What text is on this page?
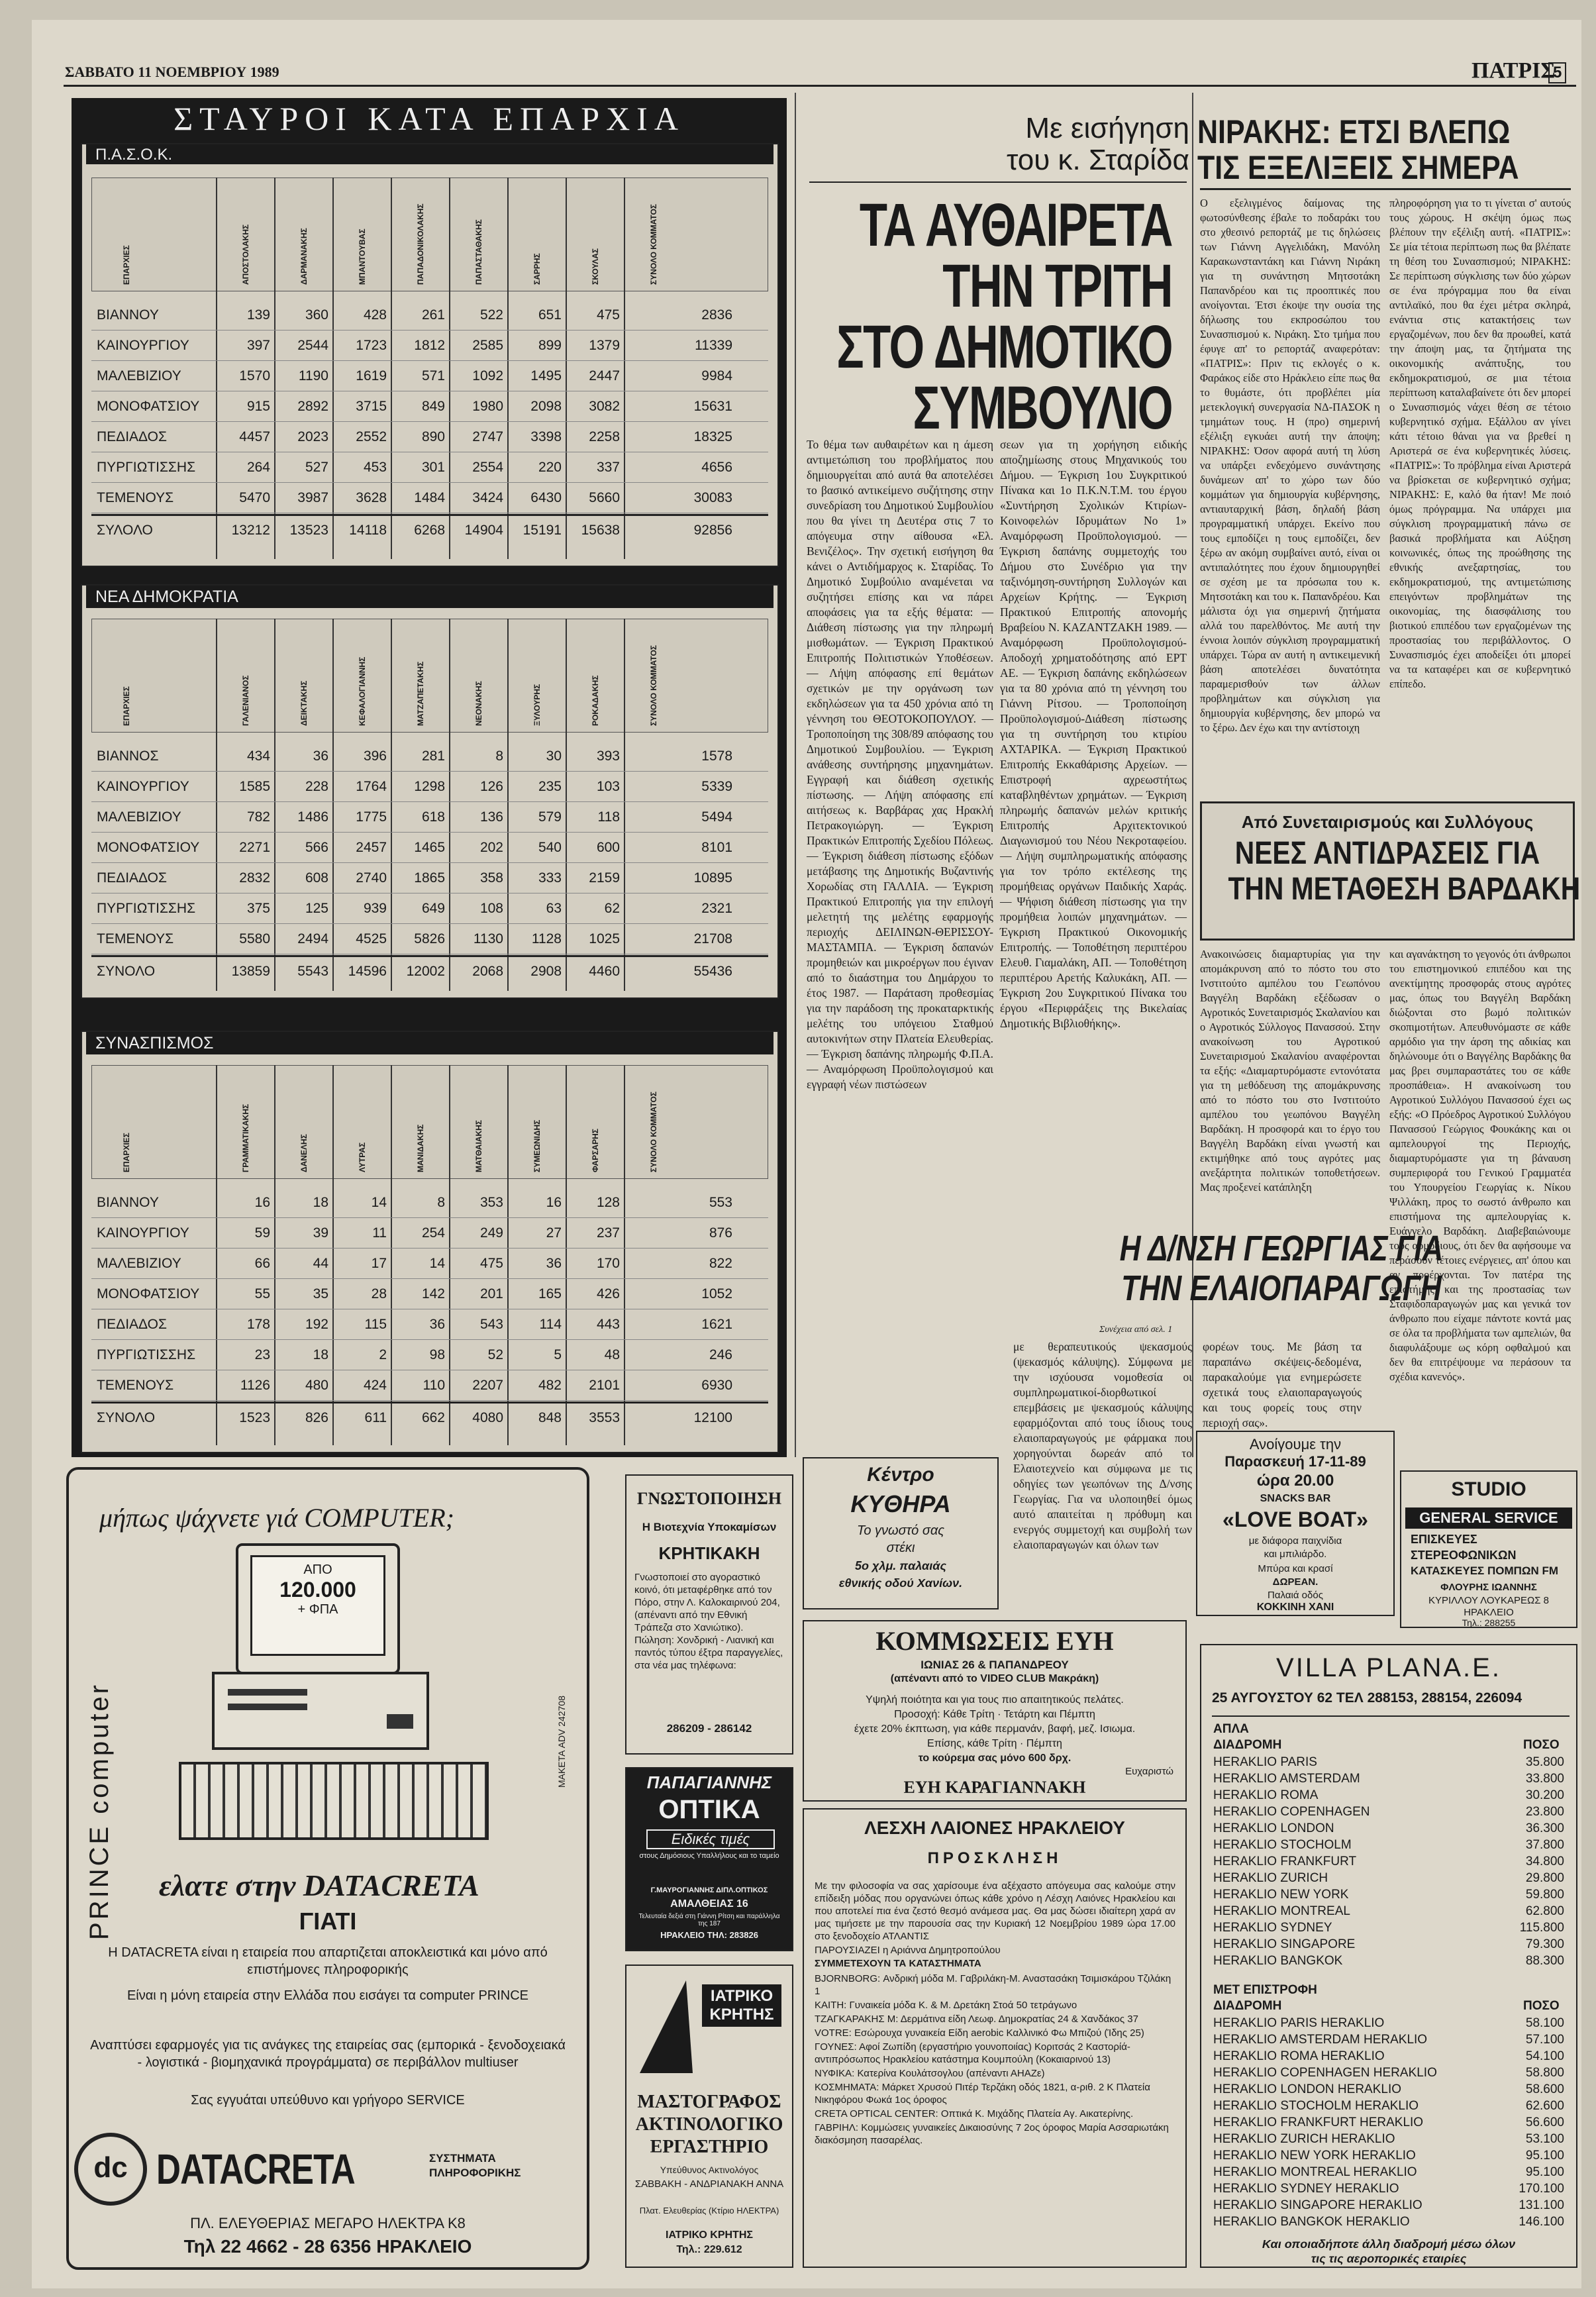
ΣΑΒΒΑΤΟ 11 ΝΟΕΜΒΡΙΟΥ 1989	ΠΑΤΡΙΣ
5
ΣΤΑΥΡΟΙ ΚΑΤΑ ΕΠΑΡΧΙΑ
Π.Α.Σ.Ο.Κ.
ΕΠΑΡΧΙΕΣ	ΑΠΟΣΤΟΛΑΚΗΣ	ΔΑΡΜΑΝΑΚΗΣ	ΜΠΑΝΤΟΥΒΑΣ	ΠΑΠΑΔΟΝΙΚΟΛΑΚΗΣ	ΠΑΠΑΣΤΑΘΑΚΗΣ	ΣΑΡΡΗΣ	ΣΚΟΥΛΑΣ	ΣΥΝΟΛΟ ΚΟΜΜΑΤΟΣ
ΒΙΑΝΝΟΥ	139	360	428	261	522	651	475	2836
ΚΑΙΝΟΥΡΓΙΟΥ	397	2544	1723	1812	2585	899	1379	11339
ΜΑΛΕΒΙΖΙΟΥ	1570	1190	1619	571	1092	1495	2447	9984
ΜΟΝΟΦΑΤΣΙΟΥ	915	2892	3715	849	1980	2098	3082	15631
ΠΕΔΙΑΔΟΣ	4457	2023	2552	890	2747	3398	2258	18325
ΠΥΡΓΙΩΤΙΣΣΗΣ	264	527	453	301	2554	220	337	4656
ΤΕΜΕΝΟΥΣ	5470	3987	3628	1484	3424	6430	5660	30083
ΣΥΛΟΛΟ	13212	13523	14118	6268	14904	15191	15638	92856
ΝΕΑ ΔΗΜΟΚΡΑΤΙΑ
ΕΠΑΡΧΙΕΣ	ΓΑΛΕΝΙΑΝΟΣ	ΔΕΙΚΤΑΚΗΣ	ΚΕΦΑΛΟΓΙΑΝΝΗΣ	ΜΑΤΖΑΠΕΤΑΚΗΣ	ΝΕΟΝΑΚΗΣ	ΞΥΛΟΥΡΗΣ	ΡΟΚΑΔΑΚΗΣ	ΣΥΝΟΛΟ ΚΟΜΜΑΤΟΣ
ΒΙΑΝΝΟΣ	434	36	396	281	8	30	393	1578
ΚΑΙΝΟΥΡΓΙΟΥ	1585	228	1764	1298	126	235	103	5339
ΜΑΛΕΒΙΖΙΟΥ	782	1486	1775	618	136	579	118	5494
ΜΟΝΟΦΑΤΣΙΟΥ	2271	566	2457	1465	202	540	600	8101
ΠΕΔΙΑΔΟΣ	2832	608	2740	1865	358	333	2159	10895
ΠΥΡΓΙΩΤΙΣΣΗΣ	375	125	939	649	108	63	62	2321
ΤΕΜΕΝΟΥΣ	5580	2494	4525	5826	1130	1128	1025	21708
ΣΥΝΟΛΟ	13859	5543	14596	12002	2068	2908	4460	55436
ΣΥΝΑΣΠΙΣΜΟΣ
ΕΠΑΡΧΙΕΣ	ΓΡΑΜΜΑΤΙΚΑΚΗΣ	ΔΑΝΕΛΗΣ	ΛΥΤΡΑΣ	ΜΑΝΙΔΑΚΗΣ	ΜΑΤΘΑΙΑΚΗΣ	ΣΥΜΕΩΝΙΔΗΣ	ΦΑΡΣΑΡΗΣ	ΣΥΝΟΛΟ ΚΟΜΜΑΤΟΣ
ΒΙΑΝΝΟΥ	16	18	14	8	353	16	128	553
ΚΑΙΝΟΥΡΓΙΟΥ	59	39	11	254	249	27	237	876
ΜΑΛΕΒΙΖΙΟΥ	66	44	17	14	475	36	170	822
ΜΟΝΟΦΑΤΣΙΟΥ	55	35	28	142	201	165	426	1052
ΠΕΔΙΑΔΟΣ	178	192	115	36	543	114	443	1621
ΠΥΡΓΙΩΤΙΣΣΗΣ	23	18	2	98	52	5	48	246
ΤΕΜΕΝΟΥΣ	1126	480	424	110	2207	482	2101	6930
ΣΥΝΟΛΟ	1523	826	611	662	4080	848	3553	12100
Με εισήγηση
του κ. Σταρίδα
ΤΑ ΑΥΘΑΙΡΕΤΑ
ΤΗΝ ΤΡΙΤΗ
ΣΤΟ ΔΗΜΟΤΙΚΟ
ΣΥΜΒΟΥΛΙΟ
Το θέμα των αυθαιρέτων και η άμεση αντιμετώπιση του προβλήματος που δημιουργείται από αυτά θα αποτελέσει το βασικό αντικείμενο συζήτησης στην συνεδρίαση του Δημοτικού Συμβουλίου που θα γίνει τη Δευτέρα στις 7 το απόγευμα στην αίθουσα «Ελ. Βενιζέλος». Την σχετική εισήγηση θα κάνει ο Αντιδήμαρχος κ. Σταρίδας. Το Δημοτικό Συμβούλιο αναμένεται να συζητήσει επίσης και να πάρει αποφάσεις για τα εξής θέματα: — Διάθεση πίστωσης για την πληρωμή μισθωμάτων. — Έγκριση Πρακτικού Επιτροπής Πολιτιστικών Υποθέσεων. — Λήψη απόφασης επί θεμάτων σχετικών με την οργάνωση των εκδηλώσεων για τα 450 χρόνια από τη γέννηση του ΘΕΟΤΟΚΟΠΟΥΛΟΥ. — Τροποποίηση της 308/89 απόφασης του Δημοτικού Συμβουλίου. — Έγκριση ανάθεσης συντήρησης μηχανημάτων. Εγγραφή και διάθεση σχετικής πίστωσης. — Λήψη απόφασης επί αιτήσεως κ. Βαρβάρας χας Ηρακλή Πετρακογιώργη. — Έγκριση Πρακτικών Επιτροπής Σχεδίου Πόλεως. — Έγκριση διάθεση πίστωσης εξόδων μετάβασης της Δημοτικής Βυζαντινής Χορωδίας στη ΓΑΛΛΙΑ. — Έγκριση Πρακτικού Επιτροπής για την επιλογή μελετητή της μελέτης εφαρμογής περιοχής ΔΕΙΛΙΝΩΝ-ΘΕΡΙΣΣΟΥ-ΜΑΣΤΑΜΠΑ. — Έγκριση δαπανών προμηθειών και μικροέργων που έγιναν από το διαάστημα του Δημάρχου το έτος 1987. — Παράταση προθεσμίας για την παράδοση της προκαταρκτικής μελέτης του υπόγειου Σταθμού αυτοκινήτων στην Πλατεία Ελευθερίας. — Έγκριση δαπάνης πληρωμής Φ.Π.Α. — Αναμόρφωση Προϋπολογισμού και εγγραφή νέων πιστώσεων
σεων για τη χορήγηση ειδικής αποζημίωσης στους Μηχανικούς του Δήμου. — Έγκριση 1ου Συγκριτικού Πίνακα και 1ο Π.Κ.Ν.Τ.Μ. του έργου «Συντήρηση Σχολικών Κτιρίων-Κοινοφελών Ιδρυμάτων Νο 1» Αναμόρφωση Προϋπολογισμού. — Έγκριση δαπάνης συμμετοχής του Δήμου στο Συνέδριο για την ταξινόμηση-συντήρηση Συλλογών και Αρχείων Κρήτης. — Έγκριση Πρακτικού Επιτροπής απονομής Βραβείου Ν. ΚΑΖΑΝΤΖΑΚΗ 1989. — Αναμόρφωση Προϋπολογισμού-Αποδοχή χρηματοδότησης από ΕΡΤ ΑΕ. — Έγκριση δαπάνης εκδηλώσεων για τα 80 χρόνια από τη γέννηση του Γιάννη Ρίτσου. — Τροποποίηση Προϋπολογισμού-Διάθεση πίστωσης για τη συντήρηση του κτιρίου ΑΧΤΑΡΙΚΑ. — Έγκριση Πρακτικού Επιτροπής Εκκαθάρισης Αρχείων. — Επιστροφή αχρεωστήτως καταβληθέντων χρημάτων. — Έγκριση πληρωμής δαπανών μελών κριτικής Επιτροπής Αρχιτεκτονικού Διαγωνισμού του Νέου Νεκροταφείου. — Λήψη συμπληρωματικής απόφασης για τον τρόπο εκτέλεσης της προμήθειας οργάνων Παιδικής Χαράς. — Ψήφιση διάθεση πίστωσης για την προμήθεια λοιπών μηχανημάτων. — Έγκριση Πρακτικού Οικονομικής Επιτροπής. — Τοποθέτηση περιπτέρου Ελευθ. Γιαμαλάκη, ΑΠ. — Τοποθέτηση περιπτέρου Αρετής Καλυκάκη, ΑΠ. — Έγκριση 2ου Συγκριτικού Πίνακα του έργου «Περιφράξεις της Βικελαίας Δημοτικής Βιβλιοθήκης».
Η Δ/ΝΣΗ ΓΕΩΡΓΙΑΣ ΓΙΑ
ΤΗΝ ΕΛΑΙΟΠΑΡΑΓΩΓΗ
Συνέχεια από σελ. 1
με θεραπευτικούς ψεκασμούς (ψεκασμός κάλυψης). Σύμφωνα με την ισχύουσα νομοθεσία οι συμπληρωματικοί-διορθωτικοί επεμβάσεις με ψεκασμούς κάλυψης εφαρμόζονται από τους ίδιους τους ελαιοπαραγωγούς με φάρμακα που χορηγούνται δωρεάν από το Ελαιοτεχνείο και σύμφωνα με τις οδηγίες των γεωπόνων της Δ/νσης Γεωργίας. Για να υλοποιηθεί όμως αυτό απαιτείται η πρόθυμη και ενεργός συμμετοχή και συμβολή των ελαιοπαραγωγών και όλων των
φορέων τους. Με βάση τα παραπάνω σκέψεις-δεδομένα, παρακαλούμε για ενημερώσετε σχετικά τους ελαιοπαραγωγούς και τους φορείς τους στην περιοχή σας».
ΝΙΡΑΚΗΣ: ΕΤΣΙ ΒΛΕΠΩ
ΤΙΣ ΕΞΕΛΙΞΕΙΣ ΣΗΜΕΡΑ
Ο εξελιγμένος δαίμονας της φωτοσύνθεσης έβαλε το ποδαράκι του στο χθεσινό ρεπορτάζ με τις δηλώσεις των Γιάννη Αγγελιδάκη, Μανόλη Καρακωνσταντάκη και Γιάννη Νιράκη για τη συνάντηση Μητσοτάκη Παπανδρέου και τις προοπτικές που ανοίγονται. Έτσι έκοψε την ουσία της δήλωσης του εκπροσώπου του Συνασπισμού κ. Νιράκη. Στο τμήμα που έφυγε απ' το ρεπορτάζ αναφερόταν: «ΠΑΤΡΙΣ»: Πριν τις εκλογές ο κ. Φαράκος είδε στο Ηράκλειο είπε πως θα το θυμάστε, ότι προβλέπει μία μετεκλογική συνεργασία ΝΔ-ΠΑΣΟΚ η τμημάτων τους. Η (προ) σημερινή εξέλιξη εγκυάει αυτή την άποψη; ΝΙΡΑΚΗΣ: Όσον αφορά αυτή τη λύση να υπάρξει ενδεχόμενο συνάντησης δυνάμεων απ' το χώρο των δύο κομμάτων για δημιουργία κυβέρνησης, αντιαυταρχική βάση, δηλαδή βάση προγραμματική υπάρχει. Εκείνο που τους εμποδίζει η τους εμποδίζει, δεν ξέρω αν ακόμη συμβαίνει αυτό, είναι οι αντιπαλότητες που έχουν δημιουργηθεί σε σχέση με τα πρόσωπα του κ. Μητσοτάκη και του κ. Παπανδρέου. Και μάλιστα όχι για σημερινή ζητήματα αλλά του παρελθόντος. Με αυτή την έννοια λοιπόν σύγκλιση προγραμματική υπάρχει. Τώρα αν αυτή η αντικειμενική βάση αποτελέσει δυνατότητα παραμερισθούν των άλλων προβλημάτων και σύγκλιση για δημιουργία κυβέρνησης, δεν μπορώ να το ξέρω. Δεν έχω και την αντίστοιχη
πληροφόρηση για το τι γίνεται σ' αυτούς τους χώρους. Η σκέψη όμως πως βλέπουν την εξέλιξη αυτή. «ΠΑΤΡΙΣ»: Σε μία τέτοια περίπτωση πως θα βλέπατε τη θέση του Συνασπισμού; ΝΙΡΑΚΗΣ: Σε περίπτωση σύγκλισης των δύο χώρων σε ένα πρόγραμμα που θα είναι αντιλαϊκό, που θα έχει μέτρα σκληρά, ενάντια στις κατακτήσεις των εργαζομένων, που δεν θα προωθεί, κατά την άποψη μας, τα ζητήματα της οικονομικής ανάπτυξης, του εκδημοκρατισμού, σε μια τέτοια περίπτωση καταλαβαίνετε ότι δεν μπορεί ο Συνασπισμός νάχει θέση σε τέτοιο κυβερνητικό σχήμα. Εξάλλου αν γίνει κάτι τέτοιο θάναι για να βρεθεί η Αριστερά σε ένα κυβερνητικές λύσεις. «ΠΑΤΡΙΣ»: Το πρόβλημα είναι Αριστερά να βρίσκεται σε κυβερνητικό σχήμα; ΝΙΡΑΚΗΣ: Ε, καλό θα ήταν! Με ποιό όμως πρόγραμμα. Να υπάρχει μια σύγκλιση προγραμματική πάνω σε βασικά προβλήματα και Αύξηση κοινωνικές, όπως της προώθησης της εθνικής ανεξαρτησίας, του εκδημοκρατισμού, της αντιμετώπισης επειγόντων προβλημάτων της οικονομίας, της διασφάλισης του βιοτικού επιπέδου των εργαζομένων της προστασίας του περιβάλλοντος. Ο Συνασπισμός έχει αποδείξει ότι μπορεί να τα καταφέρει και σε κυβερνητικό επίπεδο.
Από Συνεταιρισμούς και Συλλόγους
ΝΕΕΣ ΑΝΤΙΔΡΑΣΕΙΣ ΓΙΑ
ΤΗΝ ΜΕΤΑΘΕΣΗ ΒΑΡΔΑΚΗ
Ανακοινώσεις διαμαρτυρίας για την απομάκρυνση από το πόστο του στο Ινστιτούτο αμπέλου του Γεωπόνου Βαγγέλη Βαρδάκη εξέδωσαν ο Αγροτικός Συνεταιρισμός Σκαλανίου και ο Αγροτικός Σύλλογος Πανασσού. Στην ανακοίνωση του Αγροτικού Συνεταιρισμού Σκαλανίου αναφέρονται τα εξής: «Διαμαρτυρόμαστε εντονότατα για τη μεθόδευση της απομάκρυνσης από το πόστο του στο Ινστιτούτο αμπέλου του γεωπόνου Βαγγέλη Βαρδάκη. Η προσφορά και το έργο του Βαγγέλη Βαρδάκη είναι γνωστή και εκτιμήθηκε από τους αγρότες μας ανεξάρτητα πολιτικών τοποθετήσεων. Μας προξενεί κατάπληξη
και αγανάκτηση το γεγονός ότι άνθρωποι του επιστημονικού επιπέδου και της ανεκτίμητης προσφοράς στους αγρότες μας, όπως του Βαγγέλη Βαρδάκη διώξονται στο βωμό πολιτικών σκοπιμοτήτων. Απευθυνόμαστε σε κάθε αρμόδιο για την άρση της αδικίας και δηλώνουμε ότι ο Βαγγέλης Βαρδάκης θα μας βρει συμπαραστάτες του σε κάθε προσπάθεια». Η ανακοίνωση του Αγροτικού Συλλόγου Πανασσού έχει ως εξής: «Ο Πρόεδρος Αγροτικού Συλλόγου Πανασσού Γεώργιος Φουκάκης και οι αμπελουργοί της Περιοχής, διαμαρτυρόμαστε για τη βάναυση συμπεριφορά του Γενικού Γραμματέα του Υπουργείου Γεωργίας κ. Νίκου Ψιλλάκη, προς το σωστό άνθρωπο και επιστήμονα της αμπελουργίας κ. Ευάγγελο Βαρδάκη. Διαβεβαιώνουμε τους αρμόδιους, ότι δεν θα αφήσουμε να περάσουν τέτοιες ενέργειες, απ' όπου και αν προέρχονται. Τον πατέρα της επιστήμης και της προστασίας των Σταφιδοπαραγωγών μας και γενικά τον άνθρωπο που είχαμε πάντοτε κοντά μας σε όλα τα προβλήματα των αμπελιών, θα διαφυλάξουμε ως κόρη οφθαλμού και δεν θα επιτρέψουμε να περάσουν τα σχέδια κανενός».
μήπως ψάχνετε γιά COMPUTER;
ΑΠΟ
120.000
+ ΦΠΑ
PRINCE computer	ΜΑΚΕΤΑ ADV 242708
ελατε στην DATACRETA
ΓΙΑΤΙ
Η DATACRETA είναι η εταιρεία που απαρτιζεται αποκλειστικά και μόνο από επιστήμονες πληροφορικής
Είναι η μόνη εταιρεία στην Ελλάδα που εισάγει τα computer PRINCE
Αναπτύσει εφαρμογές για τις ανάγκες της εταιρείας σας (εμπορικά - ξενοδοχειακά - λογιστικά - βιομηχανικά προγράμματα) σε περιβάλλον multiuser
Σας εγγυάται υπεύθυνο και γρήγορο SERVICE
dc DATACRETA	ΣΥΣΤΗΜΑΤΑ ΠΛΗΡΟΦΟΡΙΚΗΣ
ΠΛ. ΕΛΕΥΘΕΡΙΑΣ ΜΕΓΑΡΟ ΗΛΕΚΤΡΑ Κ8
Τηλ 22 4662 - 28 6356 ΗΡΑΚΛΕΙΟ
ΓΝΩΣΤΟΠΟΙΗΣΗ
Η Βιοτεχνία Υποκαμίσων
ΚΡΗΤΙΚΑΚΗ
Γνωστοποιεί στο αγοραστικό κοινό, ότι μεταφέρθηκε από τον Πόρο, στην Λ. Καλοκαιρινού 204, (απέναντι από την Εθνική Τράπεζα στο Χανιώτικο). Πώληση: Χονδρική - Λιανική και παντός τύπου έξτρα παραγγελίες, στα νέα μας τηλέφωνα:
286209 - 286142
ΠΑΠΑΓΙΑΝΝΗΣ
ΟΠΤΙΚΑ
Ειδικές τιμές
στους Δημόσιους Υπαλλήλους και το ταμείο
Γ.ΜΑΥΡΟΓΙΑΝΝΗΣ ΔΙΠΛ.ΟΠΤΙΚΟΣ
ΑΜΑΛΘΕΙΑΣ 16
Τελευταία δεξιά στη Γιάννη Ρίτση και παράλληλα της 187
ΗΡΑΚΛΕΙΟ ΤΗΛ: 283826
ΙΑΤΡΙΚΟ ΚΡΗΤΗΣ
ΜΑΣΤΟΓΡΑΦΟΣ
ΑΚΤΙΝΟΛΟΓΙΚΟ
ΕΡΓΑΣΤΗΡΙΟ
Υπεύθυνος Ακτινολόγος
ΣΑΒΒΑΚΗ - ΑΝΔΡΙΑΝΑΚΗ ΑΝΝΑ
Πλατ. Ελευθερίας (Κτίριο ΗΛΕΚΤΡΑ)
ΙΑΤΡΙΚΟ ΚΡΗΤΗΣ
Τηλ.: 229.612
Κέντρο
ΚΥΘΗΡΑ
Το γνωστό σας
στέκι
5ο χλμ. παλαιάς
εθνικής οδού Χανίων.
Ανοίγουμε την
Παρασκευή 17-11-89
ώρα 20.00
SNACKS BAR
«LOVE BOAT»
με διάφορα παιχνίδια
και μπιλιάρδο.
Μπύρα και κρασί
ΔΩΡΕΑΝ.
Παλαιά οδός
ΚΟΚΚΙΝΗ ΧΑΝΙ
STUDIO
GENERAL SERVICE
ΕΠΙΣΚΕΥΕΣ
ΣΤΕΡΕΟΦΩΝΙΚΩΝ
ΚΑΤΑΣΚΕΥΕΣ ΠΟΜΠΩΝ FM
ΦΛΟΥΡΗΣ ΙΩΑΝΝΗΣ
ΚΥΡΙΛΛΟΥ ΛΟΥΚΑΡΕΩΣ 8
ΗΡΑΚΛΕΙΟ
Τηλ.: 288255
ΚΟΜΜΩΣΕΙΣ ΕΥΗ
ΙΩΝΙΑΣ 26 & ΠΑΠΑΝΔΡΕΟΥ
(απέναντι από το VIDEO CLUB Μακράκη)
Υψηλή ποιότητα και για τους πιο απαιτητικούς πελάτες.
Προσοχή: Κάθε Τρίτη · Τετάρτη και Πέμπτη
έχετε 20% έκπτωση, για κάθε περμανάν, βαφή, μεζ. Ισιωμα.
Επίσης, κάθε Τρίτη · Πέμπτη
το κούρεμα σας μόνο 600 δρχ.
Ευχαριστώ
ΕΥΗ ΚΑΡΑΓΙΑΝΝΑΚΗ
ΛΕΣΧΗ ΛΑΙΟΝΕΣ ΗΡΑΚΛΕΙΟΥ
ΠΡΟΣΚΛΗΣΗ
Με την φιλοσοφία να σας χαρίσουμε ένα αξέχαστο απόγευμα σας καλούμε στην επίδειξη μόδας που οργανώνει όπως κάθε χρόνο η Λέσχη Λαιόνες Ηρακλείου και που αποτελεί πια ένα ζεστό θεσμό ανάμεσα μας. Θα μας δώσει ιδιαίτερη χαρά αν μας τιμήσετε με την παρουσία σας την Κυριακή 12 Νοεμβρίου 1989 ώρα 17.00 στο ξενοδοχείο ΑΤΛΑΝΤΙΣ
ΠΑΡΟΥΣΙΑΖΕΙ η Αριάννα Δημητροπούλου
ΣΥΜΜΕΤΕΧΟΥΝ ΤΑ ΚΑΤΑΣΤΗΜΑΤΑ
BJORNBORG: Ανδρική μόδα Μ. Γαβριλάκη-Μ. Αναστασάκη Τσιμισκάρου Τζιλάκη 1
ΚΑΙΤΗ: Γυναικεία μόδα Κ. & Μ. Δρετάκη Στοά 50 τετράγωνο
ΤΖΑΓΚΑΡΑΚΗΣ Μ: Δερμάτινα είδη Λεωφ. Δημοκρατίας 24 & Χανδάκος 37
VOTRE: Εσώρουχα γυναικεία Είδη aerobic Καλλινικό Φω Μπιζού (Ίδης 25)
ΓΟΥΝΕΣ: Αφοί Ζωπίδη (εργαστήριο γουνοποιίας) Κοριτσάς 2 Καστορίά-αντιπρόσωπος Ηρακλείου κατάστημα Κουμπούλη (Κοκαιαρινού 13)
ΝΥΦΙΚΑ: Κατερίνα Κουλάτσογλου (απέναντι ΑΗΑΖε)
ΚΟΣΜΗΜΑΤΑ: Μάρκετ Χρυσού Πιτέρ Τερζάκη οδός 1821, α-ριθ. 2 Κ Πλατεία Νικηφόρου Φωκά 1ος όροφος
CRETA OPTICAL CENTER: Οπτικά Κ. Μιχάδης Πλατεία Αγ. Αικατερίνης.
ΓΑΒΡΙΗΛ: Κομμώσεις γυναικείες Δικαιοσύνης 7 2ος όροφος Μαρία Ασσαριωτάκη διακόσμηση πασαρέλας.
VILLA PLANA.E.
25 ΑΥΓΟΥΣΤΟΥ 62 ΤΕΛ 288153, 288154, 226094
ΑΠΛΑ
ΔΙΑΔΡΟΜΗ	ΠΟΣΟ
HERAKLIO PARIS	35.800
HERAKLIO AMSTERDAM	33.800
HERAKLIO ROMA	30.200
HERAKLIO COPENHAGEN	23.800
HERAKLIO LONDON	36.300
HERAKLIO STOCHOLM	37.800
HERAKLIO FRANKFURT	34.800
HERAKLIO ZURICH	29.800
HERAKLIO NEW YORK	59.800
HERAKLIO MONTREAL	62.800
HERAKLIO SYDNEY	115.800
HERAKLIO SINGAPORE	79.300
HERAKLIO BANGKOK	88.300
ΜΕΤ ΕΠΙΣΤΡΟΦΗ
ΔΙΑΔΡΟΜΗ	ΠΟΣΟ
HERAKLIO PARIS HERAKLIO	58.100
HERAKLIO AMSTERDAM HERAKLIO	57.100
HERAKLIO ROMA HERAKLIO	54.100
HERAKLIO COPENHAGEN HERAKLIO	58.800
HERAKLIO LONDON HERAKLIO	58.600
HERAKLIO STOCHOLM HERAKLIO	62.600
HERAKLIO FRANKFURT HERAKLIO	56.600
HERAKLIO ZURICH HERAKLIO	53.100
HERAKLIO NEW YORK HERAKLIO	95.100
HERAKLIO MONTREAL HERAKLIO	95.100
HERAKLIO SYDNEY HERAKLIO	170.100
HERAKLIO SINGAPORE HERAKLIO	131.100
HERAKLIO BANGKOK HERAKLIO	146.100
Και οποιαδήποτε άλλη διαδρομή μέσω όλων
τις τις αεροπορικές εταιρίες
